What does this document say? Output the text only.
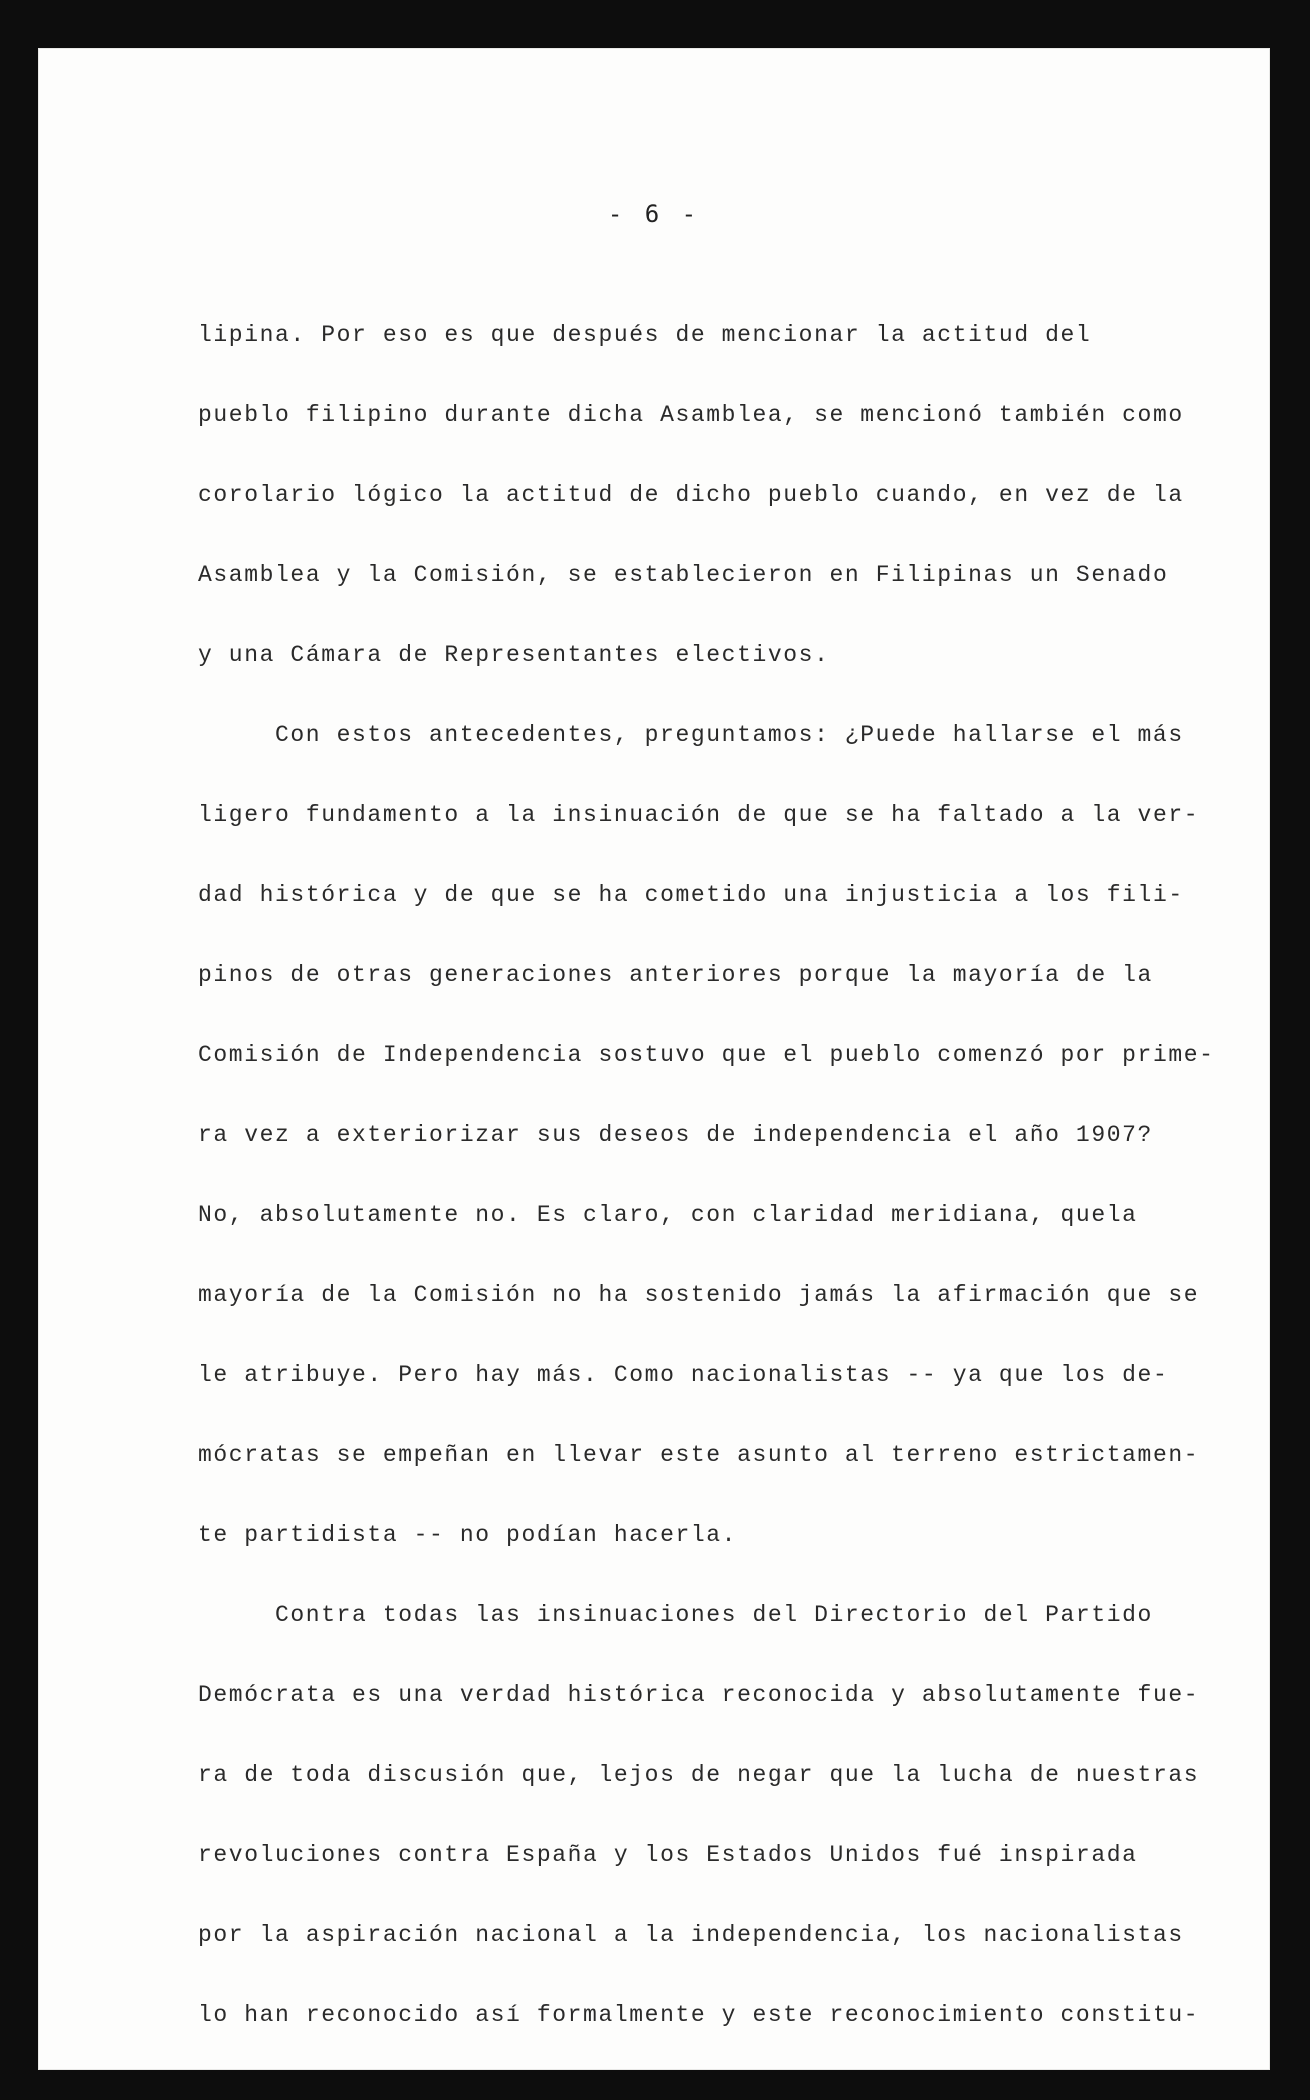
- 6 -
lipina. Por eso es que después de mencionar la actitud del
pueblo filipino durante dicha Asamblea, se mencionó también como
corolario lógico la actitud de dicho pueblo cuando, en vez de la
Asamblea y la Comisión, se establecieron en Filipinas un Senado
y una Cámara de Representantes electivos.
Con estos antecedentes, preguntamos: ¿Puede hallarse el más
ligero fundamento a la insinuación de que se ha faltado a la ver-
dad histórica y de que se ha cometido una injusticia a los fili-
pinos de otras generaciones anteriores porque la mayoría de la
Comisión de Independencia sostuvo que el pueblo comenzó por prime-
ra vez a exteriorizar sus deseos de independencia el año 1907?
No, absolutamente no. Es claro, con claridad meridiana, quela
mayoría de la Comisión no ha sostenido jamás la afirmación que se
le atribuye. Pero hay más. Como nacionalistas -- ya que los de-
mócratas se empeñan en llevar este asunto al terreno estrictamen-
te partidista -- no podían hacerla.
Contra todas las insinuaciones del Directorio del Partido
Demócrata es una verdad histórica reconocida y absolutamente fue-
ra de toda discusión que, lejos de negar que la lucha de nuestras
revoluciones contra España y los Estados Unidos fué inspirada
por la aspiración nacional a la independencia, los nacionalistas
lo han reconocido así formalmente y este reconocimiento constitu-
